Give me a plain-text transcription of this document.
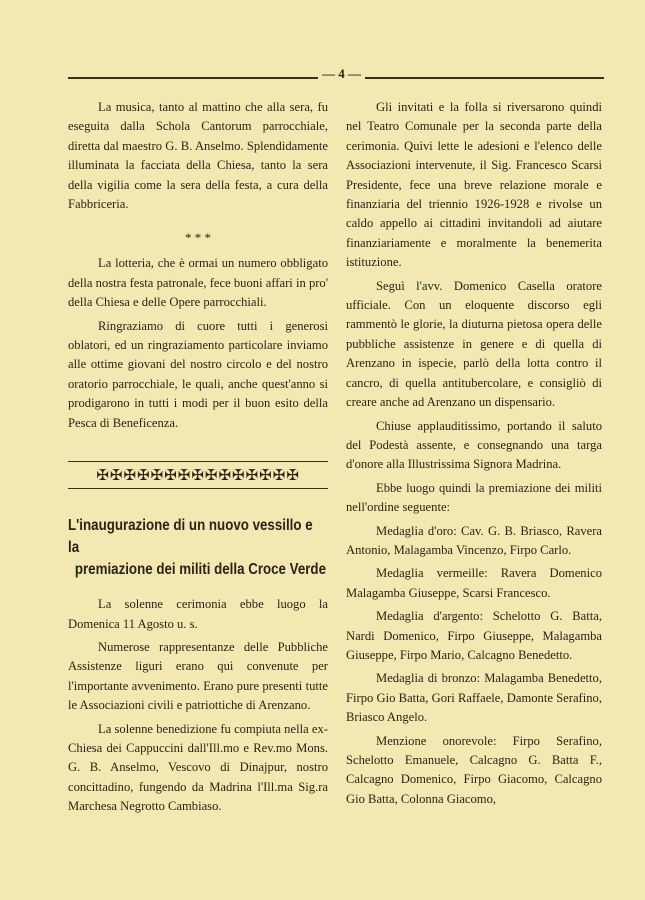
— 4 —

La musica, tanto al mattino che alla sera, fu eseguita dalla Schola Cantorum parrocchiale, diretta dal maestro G. B. Anselmo. Splendidamente illuminata la facciata della Chiesa, tanto la sera della vigilia come la sera della festa, a cura della Fabbriceria.

* * *

La lotteria, che è ormai un numero obbligato della nostra festa patronale, fece buoni affari in pro' della Chiesa e delle Opere parrocchiali.

Ringraziamo di cuore tutti i generosi oblatori, ed un ringraziamento particolare inviamo alle ottime giovani del nostro circolo e del nostro oratorio parrocchiale, le quali, anche quest'anno si prodigarono in tutti i modi per il buon esito della Pesca di Beneficenza.

✠✠✠✠✠✠✠✠✠✠✠✠✠✠✠
L'inaugurazione di un nuovo vessillo e la
premiazione dei militi della Croce Verde

La solenne cerimonia ebbe luogo la Domenica 11 Agosto u. s.

Numerose rappresentanze delle Pubbliche Assistenze liguri erano qui convenute per l'importante avvenimento. Erano pure presenti tutte le Associazioni civili e patriottiche di Arenzano.

La solenne benedizione fu compiuta nella ex-Chiesa dei Cappuccini dall'Ill.mo e Rev.mo Mons. G. B. Anselmo, Vescovo di Dinajpur, nostro concittadino, fungendo da Madrina l'Ill.ma Sig.ra Marchesa Negrotto Cambiaso.

Gli invitati e la folla si riversarono quindi nel Teatro Comunale per la seconda parte della cerimonia. Quivi lette le adesioni e l'elenco delle Associazioni intervenute, il Sig. Francesco Scarsi Presidente, fece una breve relazione morale e finanziaria del triennio 1926-1928 e rivolse un caldo appello ai cittadini invitandoli ad aiutare finanziariamente e moralmente la benemerita istituzione.

Seguì l'avv. Domenico Casella oratore ufficiale. Con un eloquente discorso egli rammentò le glorie, la diuturna pietosa opera delle pubbliche assistenze in genere e di quella di Arenzano in ispecie, parlò della lotta contro il cancro, di quella antitubercolare, e consigliò di creare anche ad Arenzano un dispensario.

Chiuse applauditissimo, portando il saluto del Podestà assente, e consegnando una targa d'onore alla Illustrissima Signora Madrina.

Ebbe luogo quindi la premiazione dei militi nell'ordine seguente:

Medaglia d'oro: Cav. G. B. Briasco, Ravera Antonio, Malagamba Vincenzo, Firpo Carlo.

Medaglia vermeille: Ravera Domenico Malagamba Giuseppe, Scarsi Francesco.

Medaglia d'argento: Schelotto G. Batta, Nardi Domenico, Firpo Giuseppe, Malagamba Giuseppe, Firpo Mario, Calcagno Benedetto.

Medaglia di bronzo: Malagamba Benedetto, Firpo Gio Batta, Gori Raffaele, Damonte Serafino, Briasco Angelo.

Menzione onorevole: Firpo Serafino, Schelotto Emanuele, Calcagno G. Batta F., Calcagno Domenico, Firpo Giacomo, Calcagno Gio Batta, Colonna Giacomo,
